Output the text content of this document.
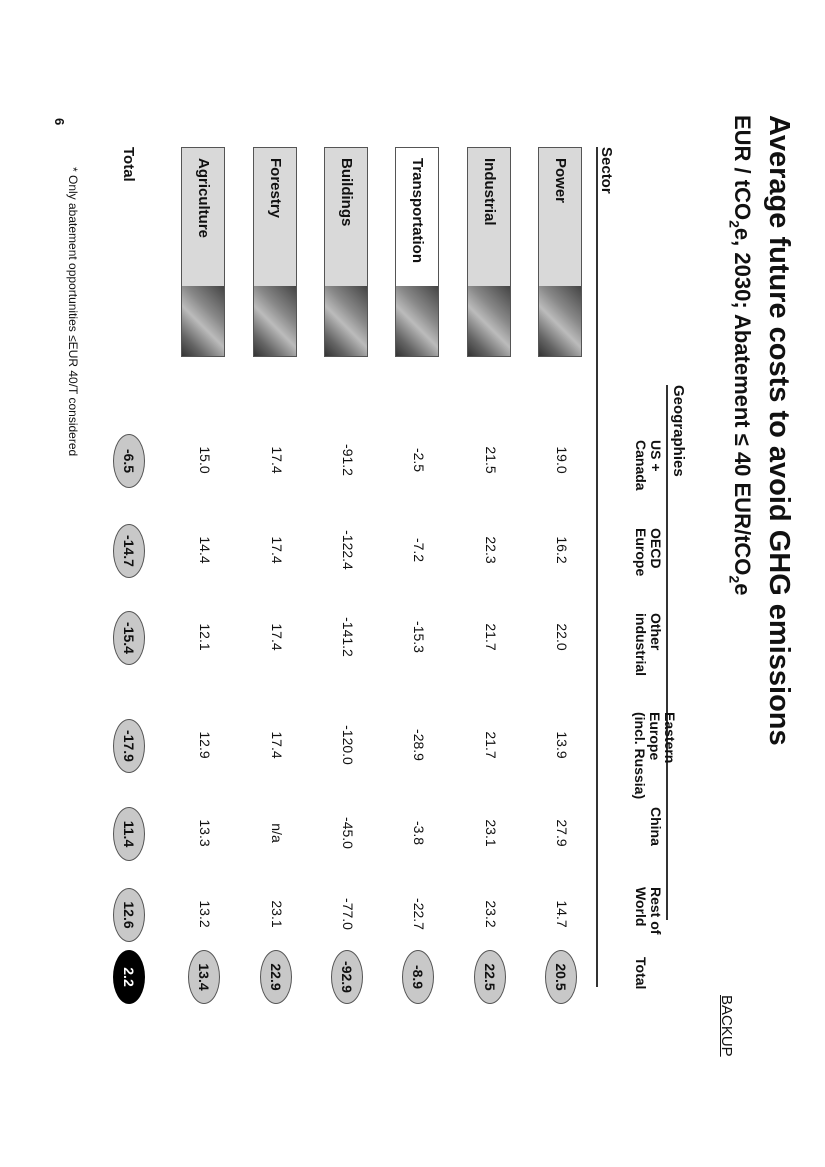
Average future costs to avoid GHG emissions
EUR / tCO$_2$e, 2030; Abatement ≤ 40 EUR/tCO$_2$e
BACKUP
Geographies
US +
Canada
OECD
Europe
Other
industrial
Eastern
Europe
(incl. Russia)
China
Rest of
World
Total
Sector
Power
19.0
16.2
22.0
13.9
27.9
14.7
20.5
Industrial
21.5
22.3
21.7
21.7
23.1
23.2
22.5
Transportation
-2.5
-7.2
-15.3
-28.9
-3.8
-22.7
-8.9
Buildings
-91.2
-122.4
-141.2
-120.0
-45.0
-77.0
-92.9
Forestry
17.4
17.4
17.4
17.4
n/a
23.1
22.9
Agriculture
15.0
14.4
12.1
12.9
13.3
13.2
13.4
Total
-6.5
-14.7
-15.4
-17.9
11.4
12.6
2.2
6
* Only abatement opportunities ≤EUR 40/T considered
